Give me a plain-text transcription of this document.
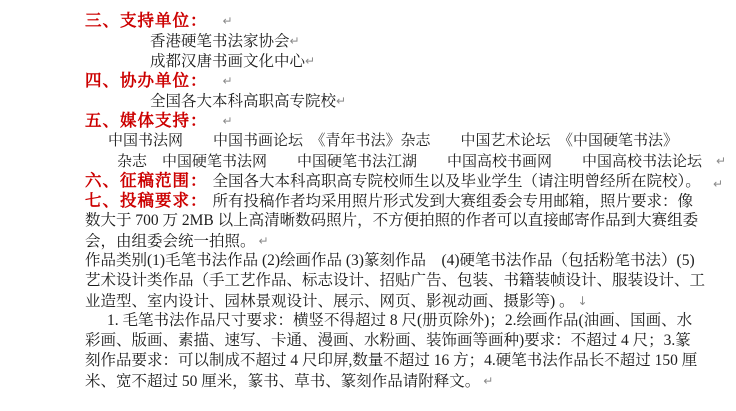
三、支持单位： ↵
香港硬笔书法家协会↵
成都汉唐书画文化中心↵
四、协办单位： ↵
全国各大本科高职高专院校↵
五、媒体支持： ↵
中国书法网　　中国书画论坛　《青年书法》杂志　　中国艺术论坛　《中国硬笔书法》
杂志　中国硬笔书法网　　中国硬笔书法江湖　　中国高校书画网　　中国高校书法论坛 ↵
六、征稿范围： 全国各大本科高职高专院校师生以及毕业学生（请注明曾经所在院校）。 ↵
七、投稿要求： 所有投稿作者均采用照片形式发到大赛组委会专用邮箱，照片要求：像
数大于 700 万 2MB 以上高清晰数码照片，不方便拍照的作者可以直接邮寄作品到大赛组委
会，由组委会统一拍照。 ↵
作品类别(1)毛笔书法作品 (2)绘画作品 (3)篆刻作品　(4)硬笔书法作品（包括粉笔书法）(5)
艺术设计类作品（手工艺作品、标志设计、招贴广告、包装、书籍装帧设计、服装设计、工
业造型、室内设计、园林景观设计、展示、网页、影视动画、摄影等) 。 ↓
1. 毛笔书法作品尺寸要求：横竖不得超过 8 尺(册页除外)；2.绘画作品(油画、国画、水
彩画、版画、素描、速写、卡通、漫画、水粉画、装饰画等画种)要求：不超过 4 尺；3.篆
刻作品要求：可以制成不超过 4 尺印屏,数量不超过 16 方；4.硬笔书法作品长不超过 150 厘
米、宽不超过 50 厘米，篆书、草书、篆刻作品请附释文。 ↵
